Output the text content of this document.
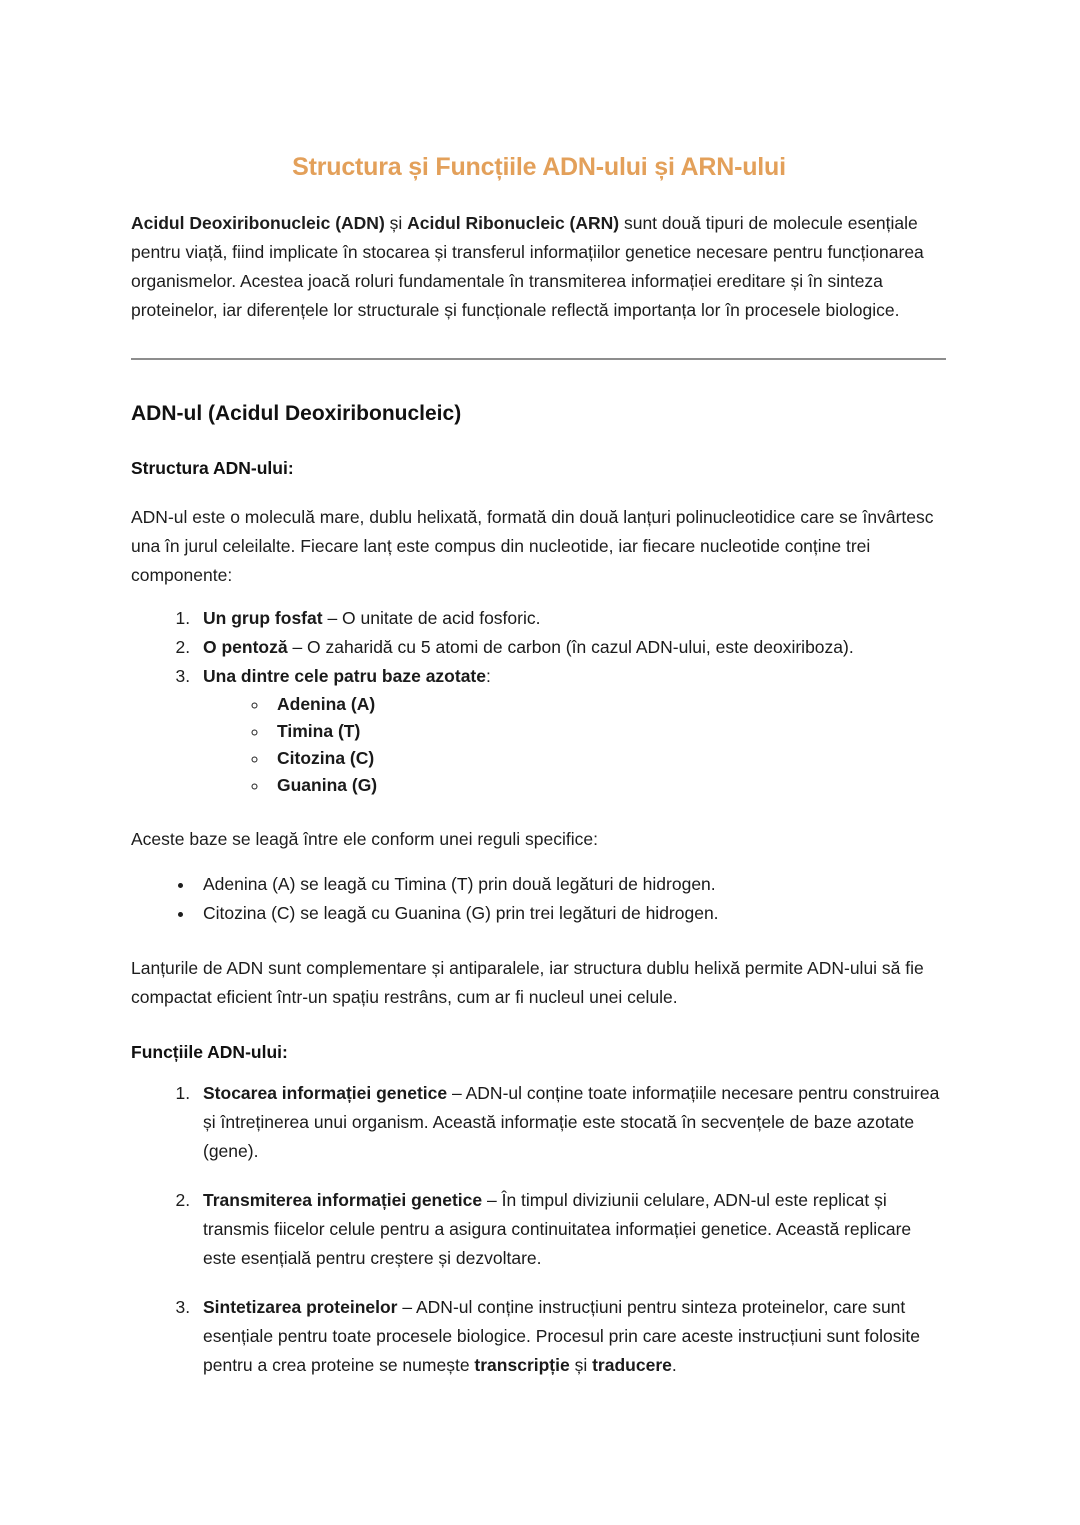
Structura și Funcțiile ADN-ului și ARN-ului

Acidul Deoxiribonucleic (ADN) și Acidul Ribonucleic (ARN) sunt două tipuri de molecule esențiale pentru viață, fiind implicate în stocarea și transferul informațiilor genetice necesare pentru funcționarea organismelor. Acestea joacă roluri fundamentale în transmiterea informației ereditare și în sinteza proteinelor, iar diferențele lor structurale și funcționale reflectă importanța lor în procesele biologice.

ADN-ul (Acidul Deoxiribonucleic)
Structura ADN-ului:

ADN-ul este o moleculă mare, dublu helixată, formată din două lanțuri polinucleotidice care se învârtesc una în jurul celeilalte. Fiecare lanț este compus din nucleotide, iar fiecare nucleotide conține trei componente:

1. Un grup fosfat – O unitate de acid fosforic.
2. O pentoză – O zaharidă cu 5 atomi de carbon (în cazul ADN-ului, este deoxiriboza).
3. Una dintre cele patru baze azotate:
◦ Adenina (A)
◦ Timina (T)
◦ Citozina (C)
◦ Guanina (G)

Aceste baze se leagă între ele conform unei reguli specifice:

• Adenina (A) se leagă cu Timina (T) prin două legături de hidrogen.
• Citozina (C) se leagă cu Guanina (G) prin trei legături de hidrogen.

Lanțurile de ADN sunt complementare și antiparalele, iar structura dublu helixă permite ADN-ului să fie compactat eficient într-un spațiu restrâns, cum ar fi nucleul unei celule.

Funcțiile ADN-ului:
1. Stocarea informației genetice – ADN-ul conține toate informațiile necesare pentru construirea și întreținerea unui organism. Această informație este stocată în secvențele de baze azotate (gene).
2. Transmiterea informației genetice – În timpul diviziunii celulare, ADN-ul este replicat și transmis fiicelor celule pentru a asigura continuitatea informației genetice. Această replicare este esențială pentru creștere și dezvoltare.
3. Sintetizarea proteinelor – ADN-ul conține instrucțiuni pentru sinteza proteinelor, care sunt esențiale pentru toate procesele biologice. Procesul prin care aceste instrucțiuni sunt folosite pentru a crea proteine se numește transcripție și traducere.
